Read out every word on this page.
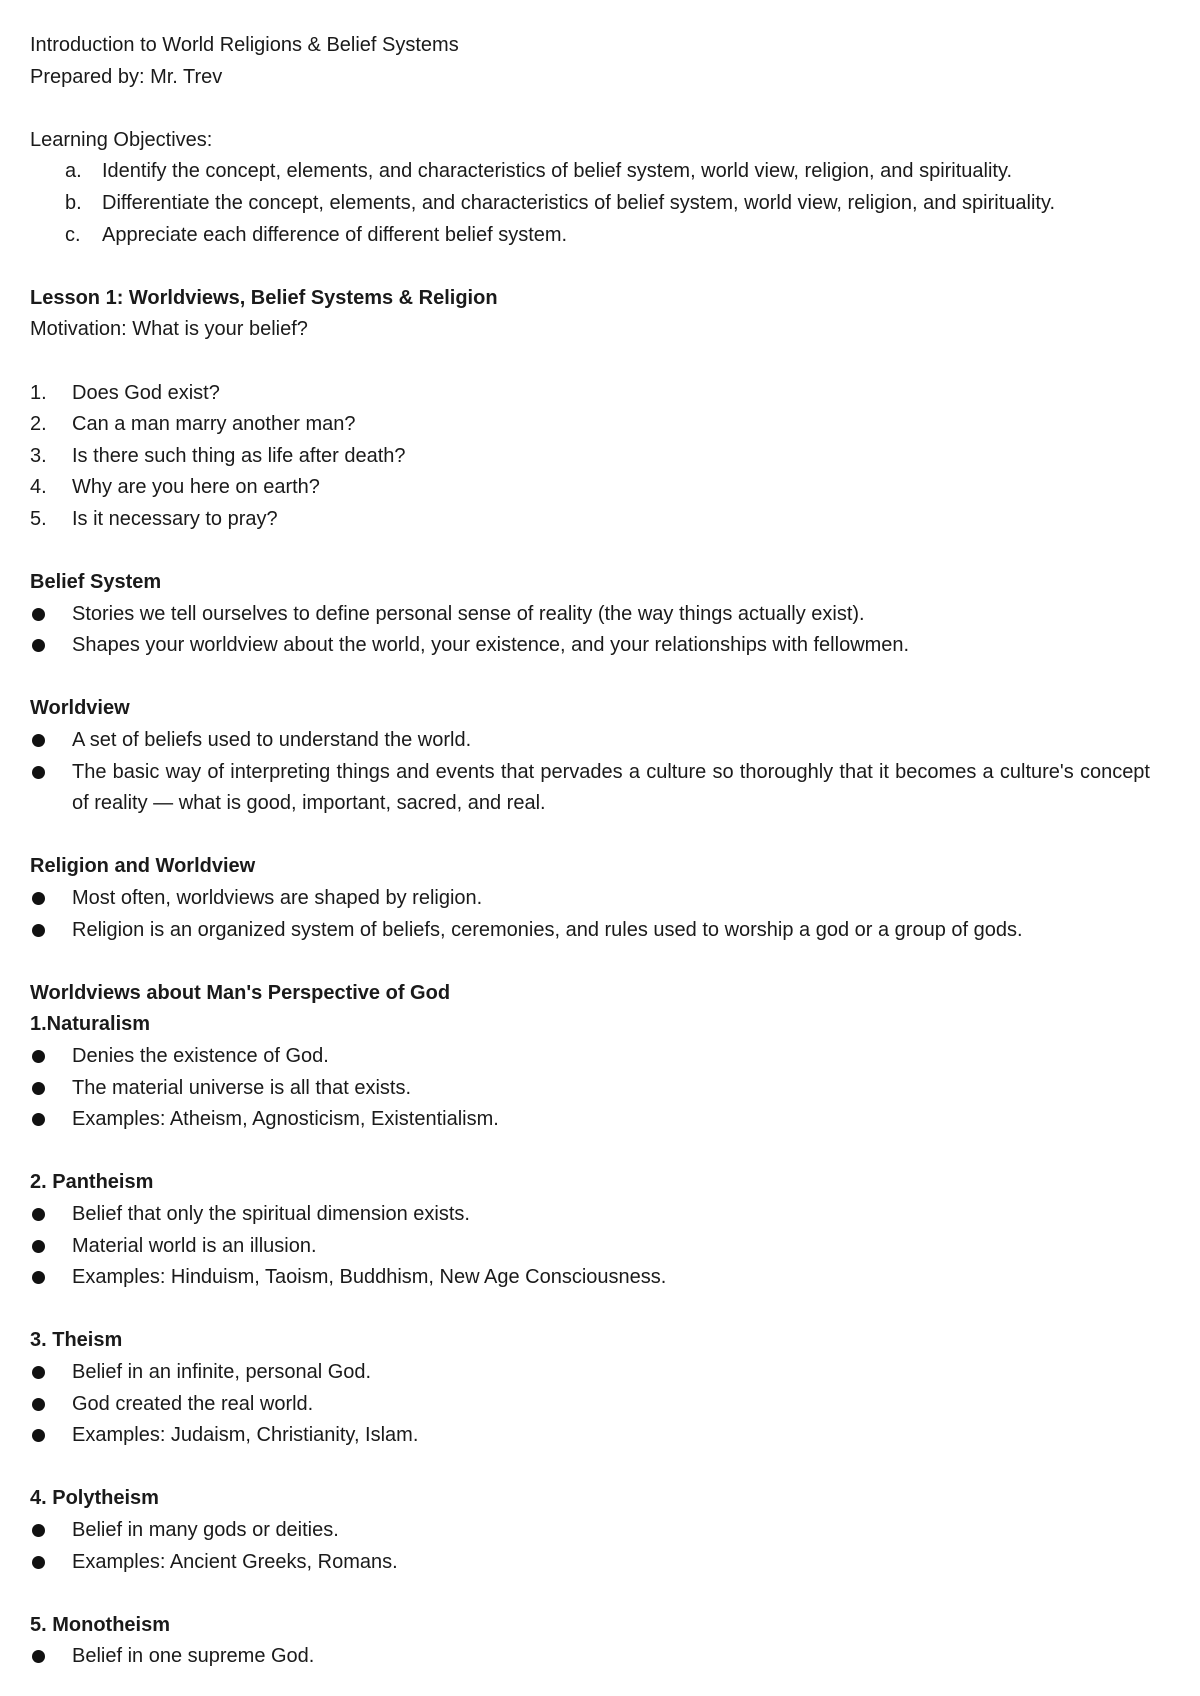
Introduction to World Religions & Belief Systems

Prepared by: Mr. Trev

Learning Objectives:

a. Identify the concept, elements, and characteristics of belief system, world view, religion, and spirituality.
b. Differentiate the concept, elements, and characteristics of belief system, world view, religion, and spirituality.
c. Appreciate each difference of different belief system.

Lesson 1: Worldviews, Belief Systems & Religion

Motivation: What is your belief?

1. Does God exist?
2. Can a man marry another man?
3. Is there such thing as life after death?
4. Why are you here on earth?
5. Is it necessary to pray?

Belief System

Stories we tell ourselves to define personal sense of reality (the way things actually exist).
Shapes your worldview about the world, your existence, and your relationships with fellowmen.

Worldview

A set of beliefs used to understand the world.
The basic way of interpreting things and events that pervades a culture so thoroughly that it becomes a culture's concept of reality — what is good, important, sacred, and real.

Religion and Worldview

Most often, worldviews are shaped by religion.
Religion is an organized system of beliefs, ceremonies, and rules used to worship a god or a group of gods.

Worldviews about Man's Perspective of God

1.Naturalism

Denies the existence of God.
The material universe is all that exists.
Examples: Atheism, Agnosticism, Existentialism.

2. Pantheism

Belief that only the spiritual dimension exists.
Material world is an illusion.
Examples: Hinduism, Taoism, Buddhism, New Age Consciousness.

3. Theism

Belief in an infinite, personal God.
God created the real world.
Examples: Judaism, Christianity, Islam.

4. Polytheism

Belief in many gods or deities.
Examples: Ancient Greeks, Romans.

5. Monotheism

Belief in one supreme God.
